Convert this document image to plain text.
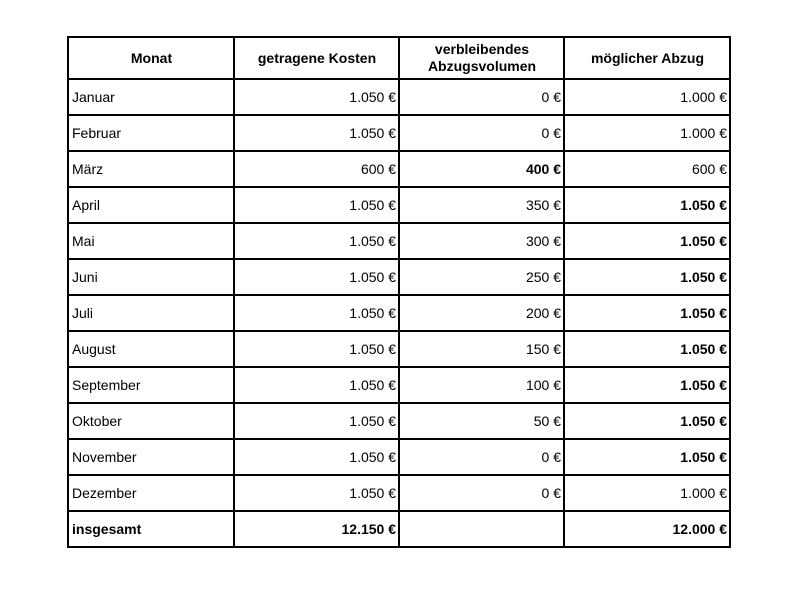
Monat	getragene Kosten	verbleibendes Abzugsvolumen	möglicher Abzug
Januar	1.050 €	0 €	1.000 €
Februar	1.050 €	0 €	1.000 €
März	600 €	400 €	600 €
April	1.050 €	350 €	1.050 €
Mai	1.050 €	300 €	1.050 €
Juni	1.050 €	250 €	1.050 €
Juli	1.050 €	200 €	1.050 €
August	1.050 €	150 €	1.050 €
September	1.050 €	100 €	1.050 €
Oktober	1.050 €	50 €	1.050 €
November	1.050 €	0 €	1.050 €
Dezember	1.050 €	0 €	1.000 €
insgesamt	12.150 €		12.000 €
